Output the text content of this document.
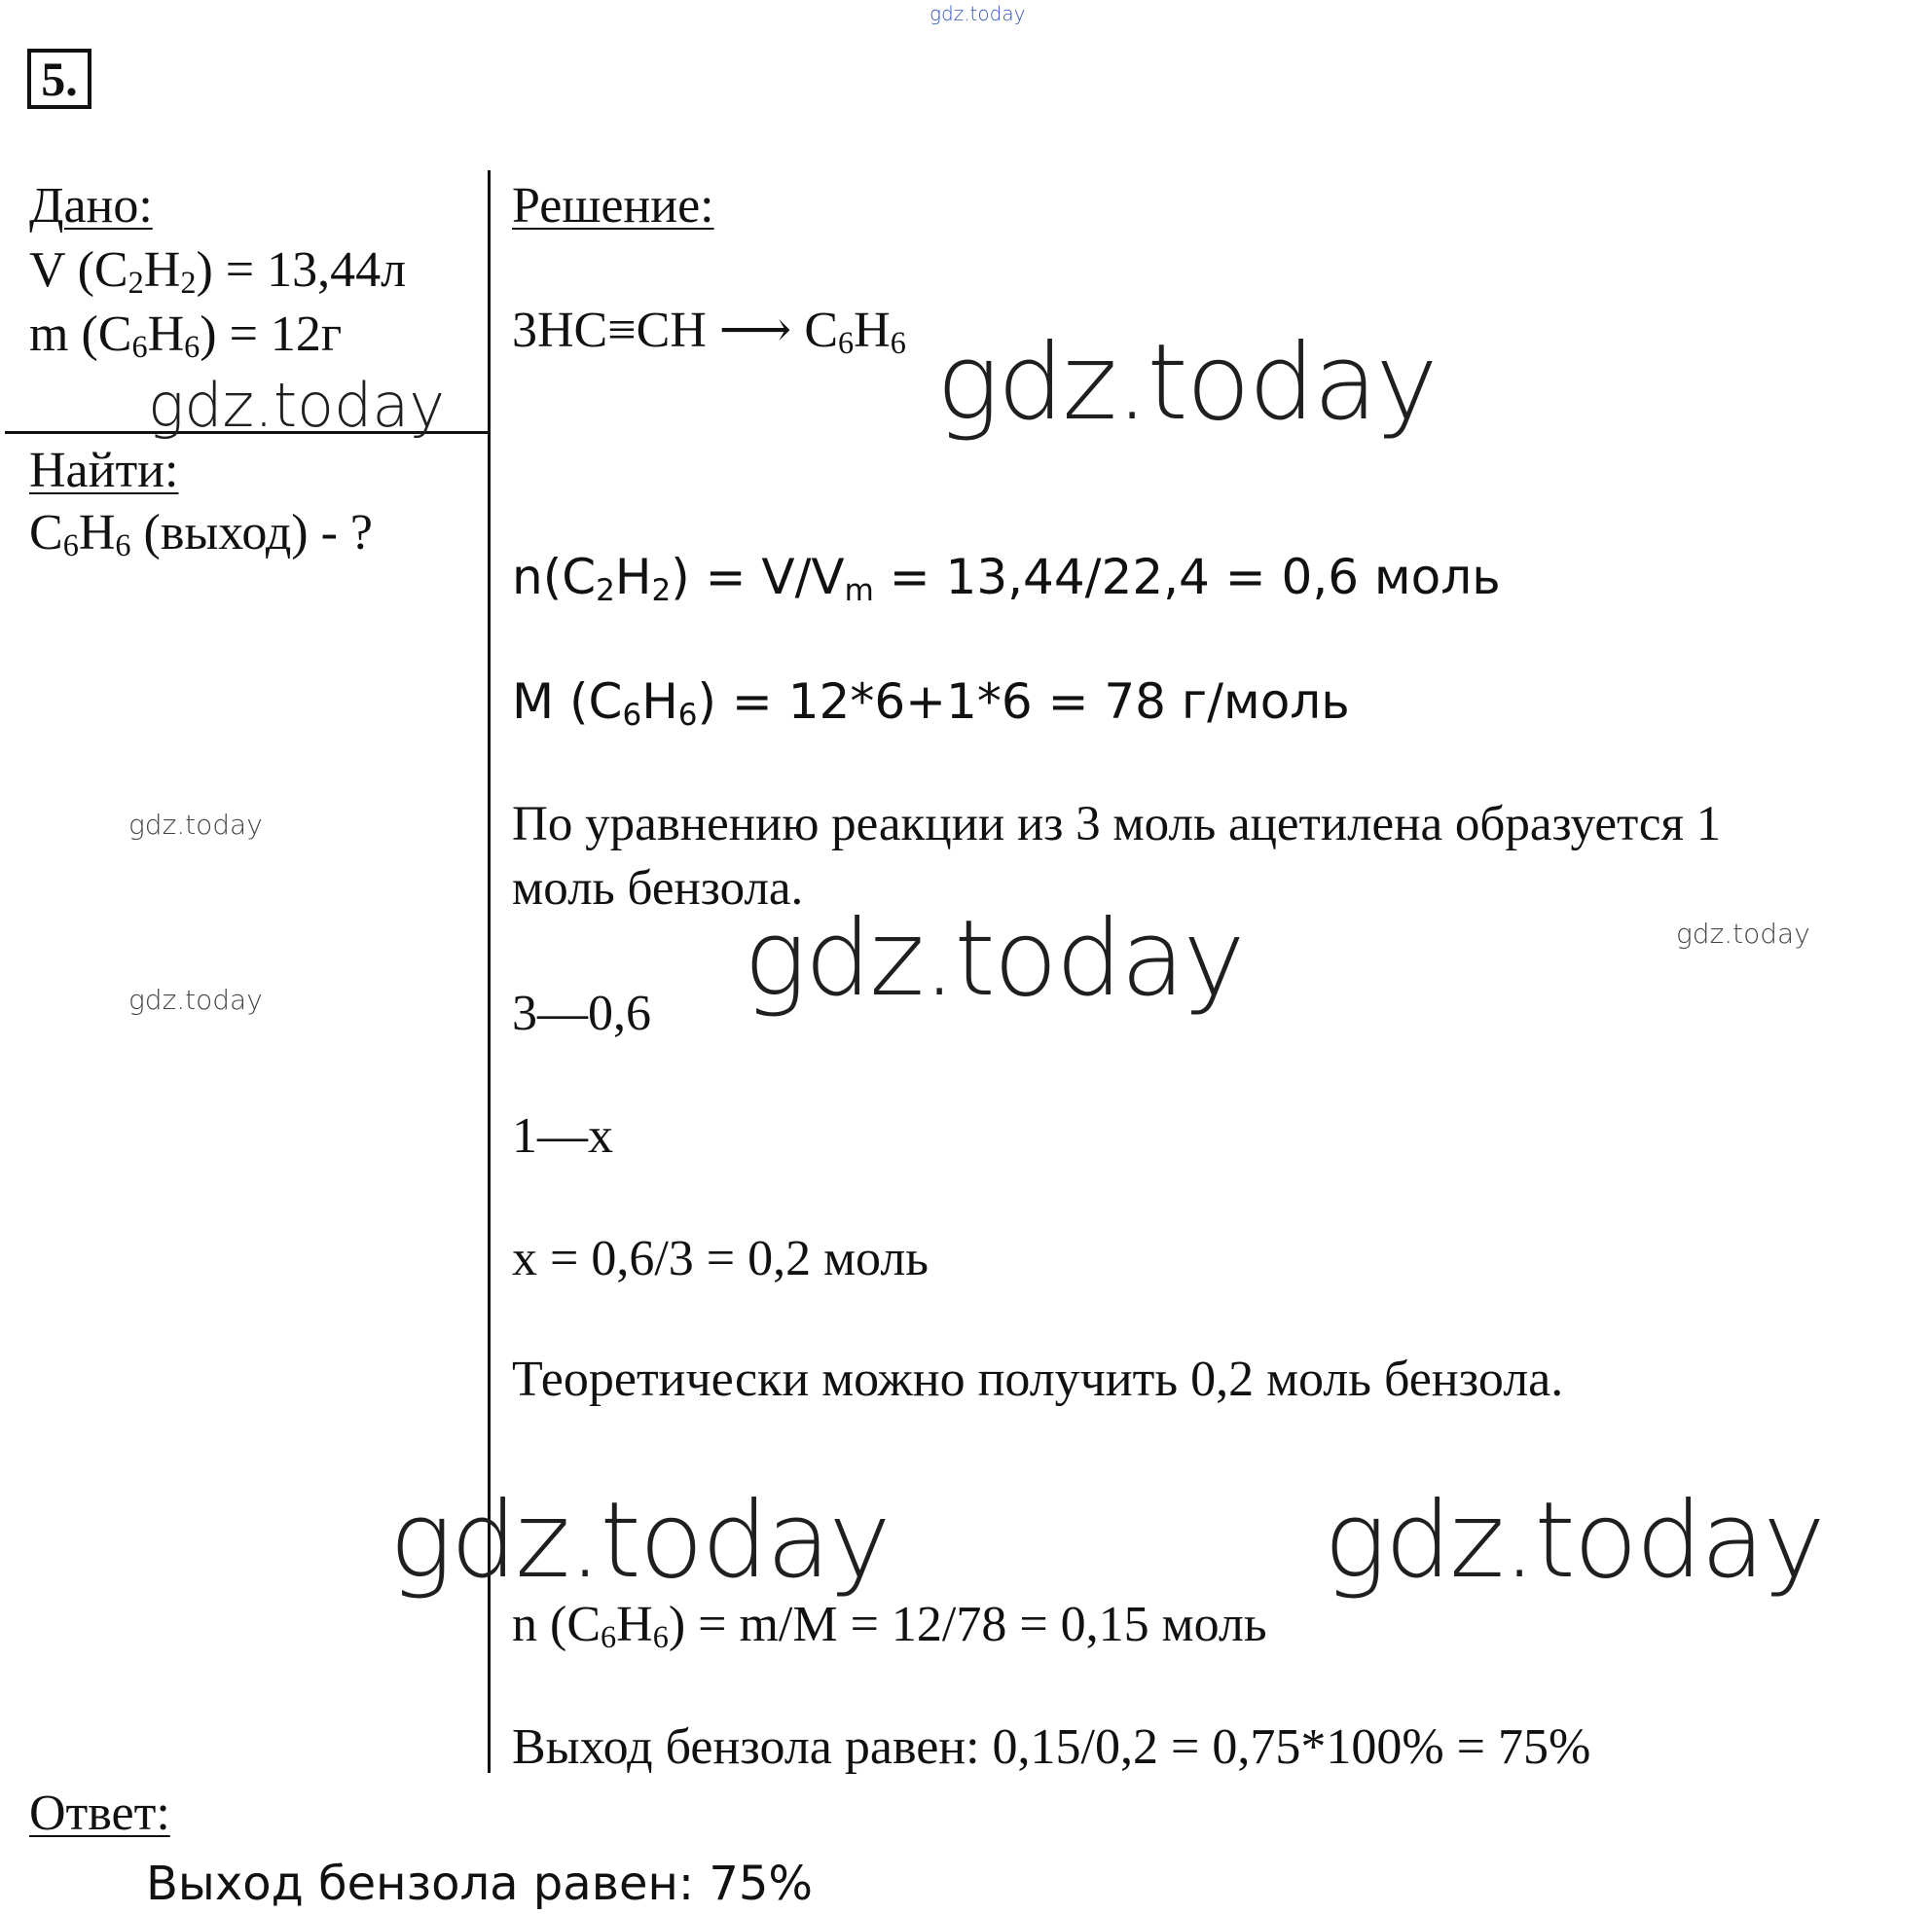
gdz.today
5.
Дано:
V $(C_2H_2) = 13,44л$
m $(C_6H_6) = 12г$
Найти:
$C_6H_6$ (выход) - ?
Решение:
3HC≡CH ⟶ $C_6H_6$
$n(C_2H_2) = V/V_m = 13,44/22,4 = 0,6$ моль
M $(C_6H_6) = 12*6+1*6 = 78$ г/моль
По уравнению реакции из 3 моль ацетилена образуется 1
моль бензола.
3—0,6
1—x
x = 0,6/3 = 0,2 моль
Теоретически можно получить 0,2 моль бензола.
n $(C_6H_6) = m/M = 12/78 = 0,15$ моль
Выход бензола равен: 0,15/0,2 = 0,75*100% = 75%
Ответ:
Выход бензола равен: 75%
gdz.today	gdz.today
gdz.today
gdz.today	gdz.today
gdz.today
gdz.today
gdz.today
